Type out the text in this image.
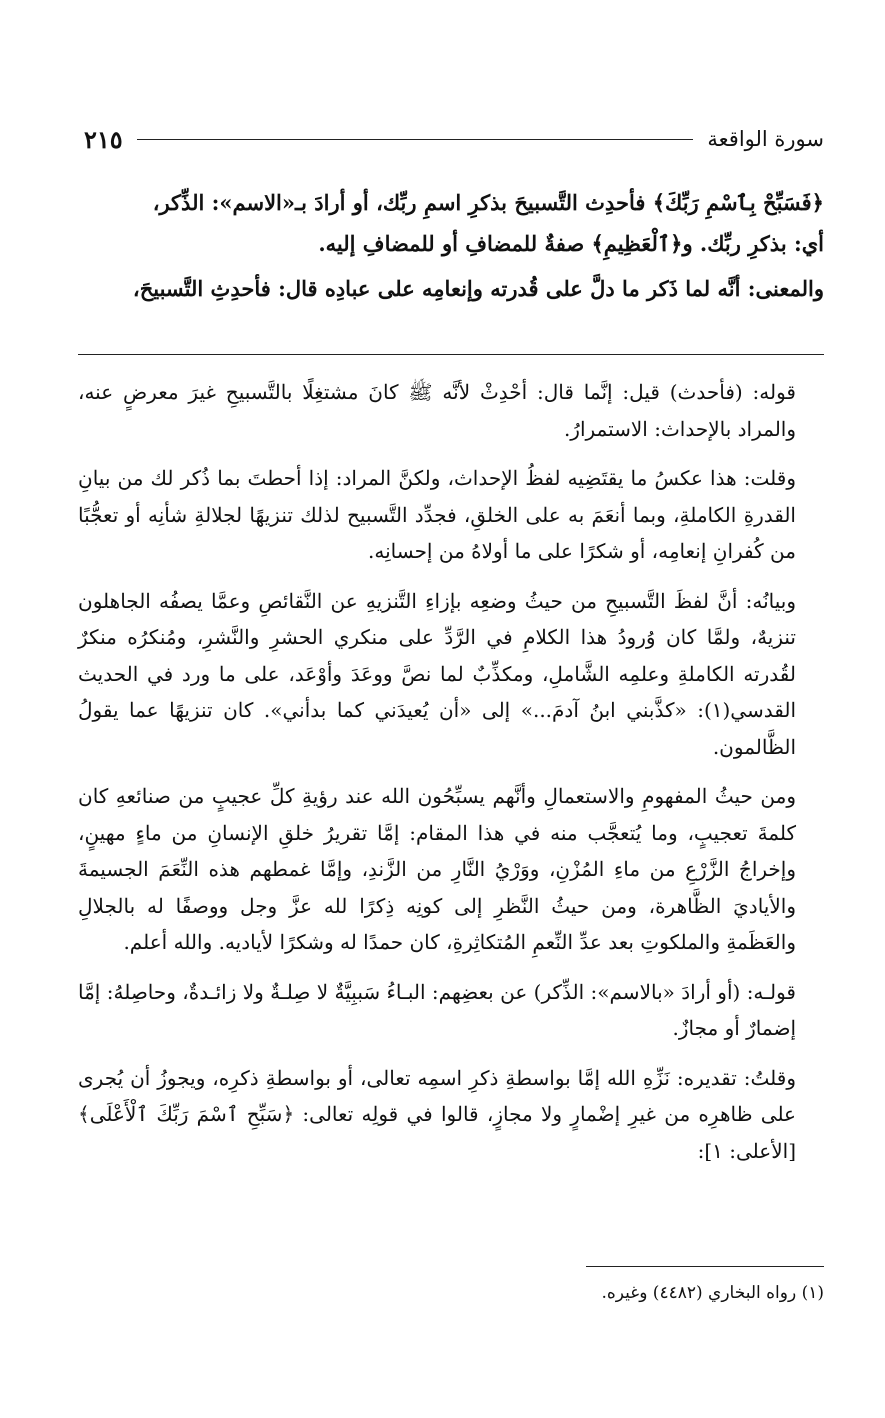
سورة الواقعة
٢١٥
﴿فَسَبِّحْ بِٱسْمِ رَبِّكَ﴾ فأحدِث التَّسبيحَ بذكرِ اسمِ ربِّك، أو أرادَ بـ«الاسم»: الذِّكر،
أي: بذكرِ ربِّك. و﴿ٱلْعَظِيمِ﴾ صفةٌ للمضافِ أو للمضافِ إليه.
والمعنى: أنَّه لما ذَكر ما دلَّ على قُدرته وإنعامِه على عبادِه قال: فأحدِثِ التَّسبيحَ،

قوله: (فأحدث) قيل: إنَّما قال: أحْدِثْ لأنَّه ﷺ كانَ مشتغِلًا بالتَّسبيحِ غيرَ معرضٍ عنه، والمراد بالإحداث: الاستمرارُ.

وقلت: هذا عكسُ ما يقتَضِيه لفظُ الإحداث، ولكنَّ المراد: إذا أحطتَ بما ذُكر لك من بيانِ القدرةِ الكاملةِ، وبما أنعَمَ به على الخلقِ، فجدِّد التَّسبيح لذلك تنزيهًا لجلالةِ شأنِه أو تعجُّبًا من كُفرانِ إنعامِه، أو شكرًا على ما أولاهُ من إحسانِه.

وبيانُه: أنَّ لفظَ التَّسبيحِ من حيثُ وضعِه بإزاءِ التَّنزيهِ عن النَّقائصِ وعمَّا يصفُه الجاهلون تنزيهٌ، ولمَّا كان وُرودُ هذا الكلامِ في الرَّدِّ على منكري الحشرِ والنَّشرِ، ومُنكرُه منكرٌ لقُدرته الكاملةِ وعلمِه الشَّاملِ، ومكذِّبٌ لما نصَّ ووعَدَ وأوْعَد، على ما ورد في الحديث القدسي(١): «كذَّبني ابنُ آدمَ...» إلى «أن يُعيدَني كما بدأني». كان تنزيهًا عما يقولُ الظَّالمون.

ومن حيثُ المفهومِ والاستعمالِ وأنَّهم يسبِّحُون الله عند رؤيةِ كلِّ عجيبٍ من صنائعهِ كان كلمةَ تعجيبٍ، وما يُتعجَّب منه في هذا المقام: إمَّا تقريرُ خلقِ الإنسانِ من ماءٍ مهينٍ، وإخراجُ الزَّرْعِ من ماءِ المُزْنِ، ووَرْيُ النَّارِ من الزَّندِ، وإمَّا غمطهم هذه النِّعَمَ الجسيمةَ والأياديَ الظَّاهرة، ومن حيثُ النَّظرِ إلى كونِه ذِكرًا لله عزَّ وجل ووصفًا له بالجلالِ والعَظَمةِ والملكوتِ بعد عدِّ النِّعمِ المُتكاثِرةِ، كان حمدًا له وشكرًا لأياديه. والله أعلم.

قولـه: (أو أرادَ «بالاسم»: الذِّكر) عن بعضِهم: البـاءُ سَببِيَّةٌ لا صِلـةٌ ولا زائـدةٌ، وحاصِلهُ: إمَّا إضمارٌ أو مجازٌ.

وقلتُ: تقديره: نَزِّهِ الله إمَّا بواسطةِ ذكرِ اسمِه تعالى، أو بواسطةِ ذكرِه، ويجوزُ أن يُجرى على ظاهرِه من غيرِ إضْمارٍ ولا مجازٍ، قالوا في قولِه تعالى: ﴿سَبِّحِ ٱسْمَ رَبِّكَ ٱلْأَعْلَى﴾ [الأعلى: ١]:

(١) رواه البخاري (٤٤٨٢) وغيره.
